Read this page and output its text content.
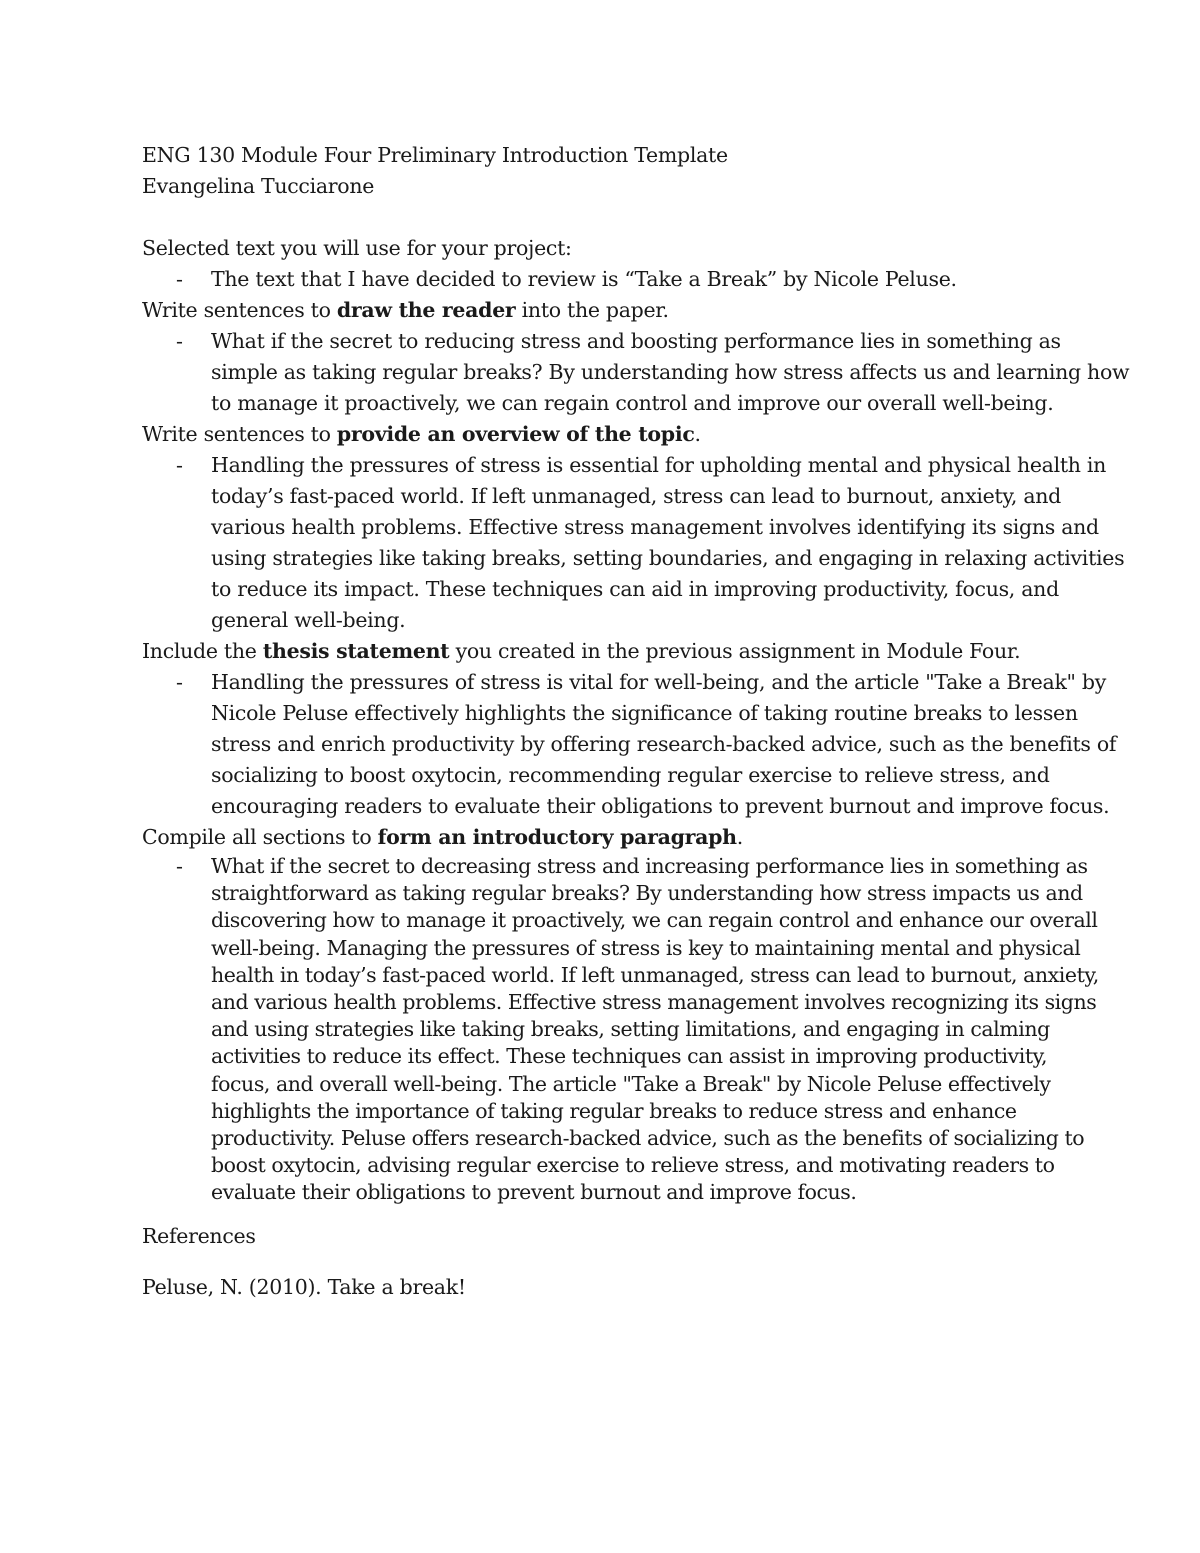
ENG 130 Module Four Preliminary Introduction Template
Evangelina Tucciarone
Selected text you will use for your project:
- The text that I have decided to review is “Take a Break” by Nicole Peluse.
Write sentences to draw the reader into the paper.
- What if the secret to reducing stress and boosting performance lies in something as
simple as taking regular breaks? By understanding how stress affects us and learning how
to manage it proactively, we can regain control and improve our overall well-being.
Write sentences to provide an overview of the topic.
- Handling the pressures of stress is essential for upholding mental and physical health in
today’s fast-paced world. If left unmanaged, stress can lead to burnout, anxiety, and
various health problems. Effective stress management involves identifying its signs and
using strategies like taking breaks, setting boundaries, and engaging in relaxing activities
to reduce its impact. These techniques can aid in improving productivity, focus, and
general well-being.
Include the thesis statement you created in the previous assignment in Module Four.
- Handling the pressures of stress is vital for well-being, and the article "Take a Break" by
Nicole Peluse effectively highlights the significance of taking routine breaks to lessen
stress and enrich productivity by offering research-backed advice, such as the benefits of
socializing to boost oxytocin, recommending regular exercise to relieve stress, and
encouraging readers to evaluate their obligations to prevent burnout and improve focus.
Compile all sections to form an introductory paragraph.
- What if the secret to decreasing stress and increasing performance lies in something as
straightforward as taking regular breaks? By understanding how stress impacts us and
discovering how to manage it proactively, we can regain control and enhance our overall
well-being. Managing the pressures of stress is key to maintaining mental and physical
health in today’s fast-paced world. If left unmanaged, stress can lead to burnout, anxiety,
and various health problems. Effective stress management involves recognizing its signs
and using strategies like taking breaks, setting limitations, and engaging in calming
activities to reduce its effect. These techniques can assist in improving productivity,
focus, and overall well-being. The article "Take a Break" by Nicole Peluse effectively
highlights the importance of taking regular breaks to reduce stress and enhance
productivity. Peluse offers research-backed advice, such as the benefits of socializing to
boost oxytocin, advising regular exercise to relieve stress, and motivating readers to
evaluate their obligations to prevent burnout and improve focus.
References
Peluse, N. (2010). Take a break!
